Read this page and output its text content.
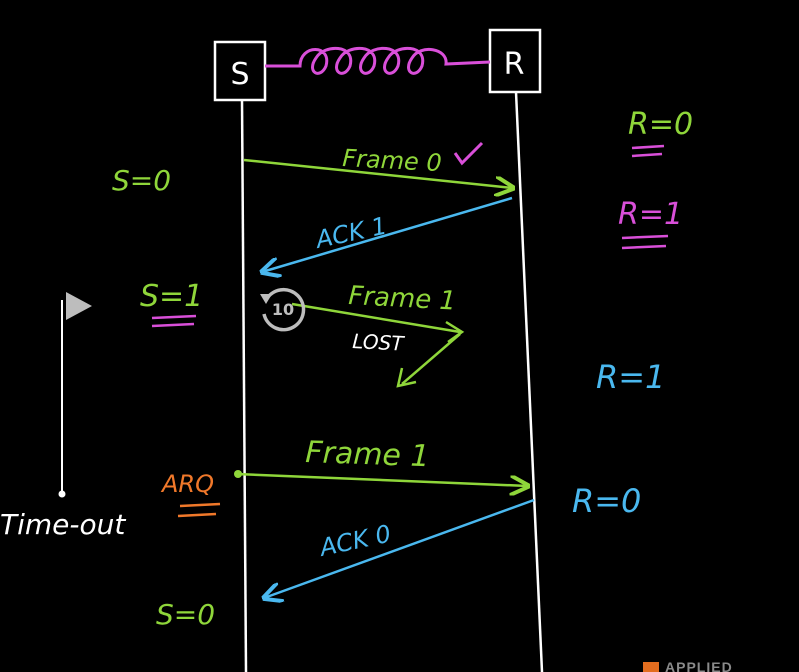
S	R
Frame 0
ACK 1
Frame 1
LOST
Frame 1
ACK 0
S=0
S=1
S=0
R=0
R=1
R=1
R=0
ARQ
Time-out
10
APPLIED
